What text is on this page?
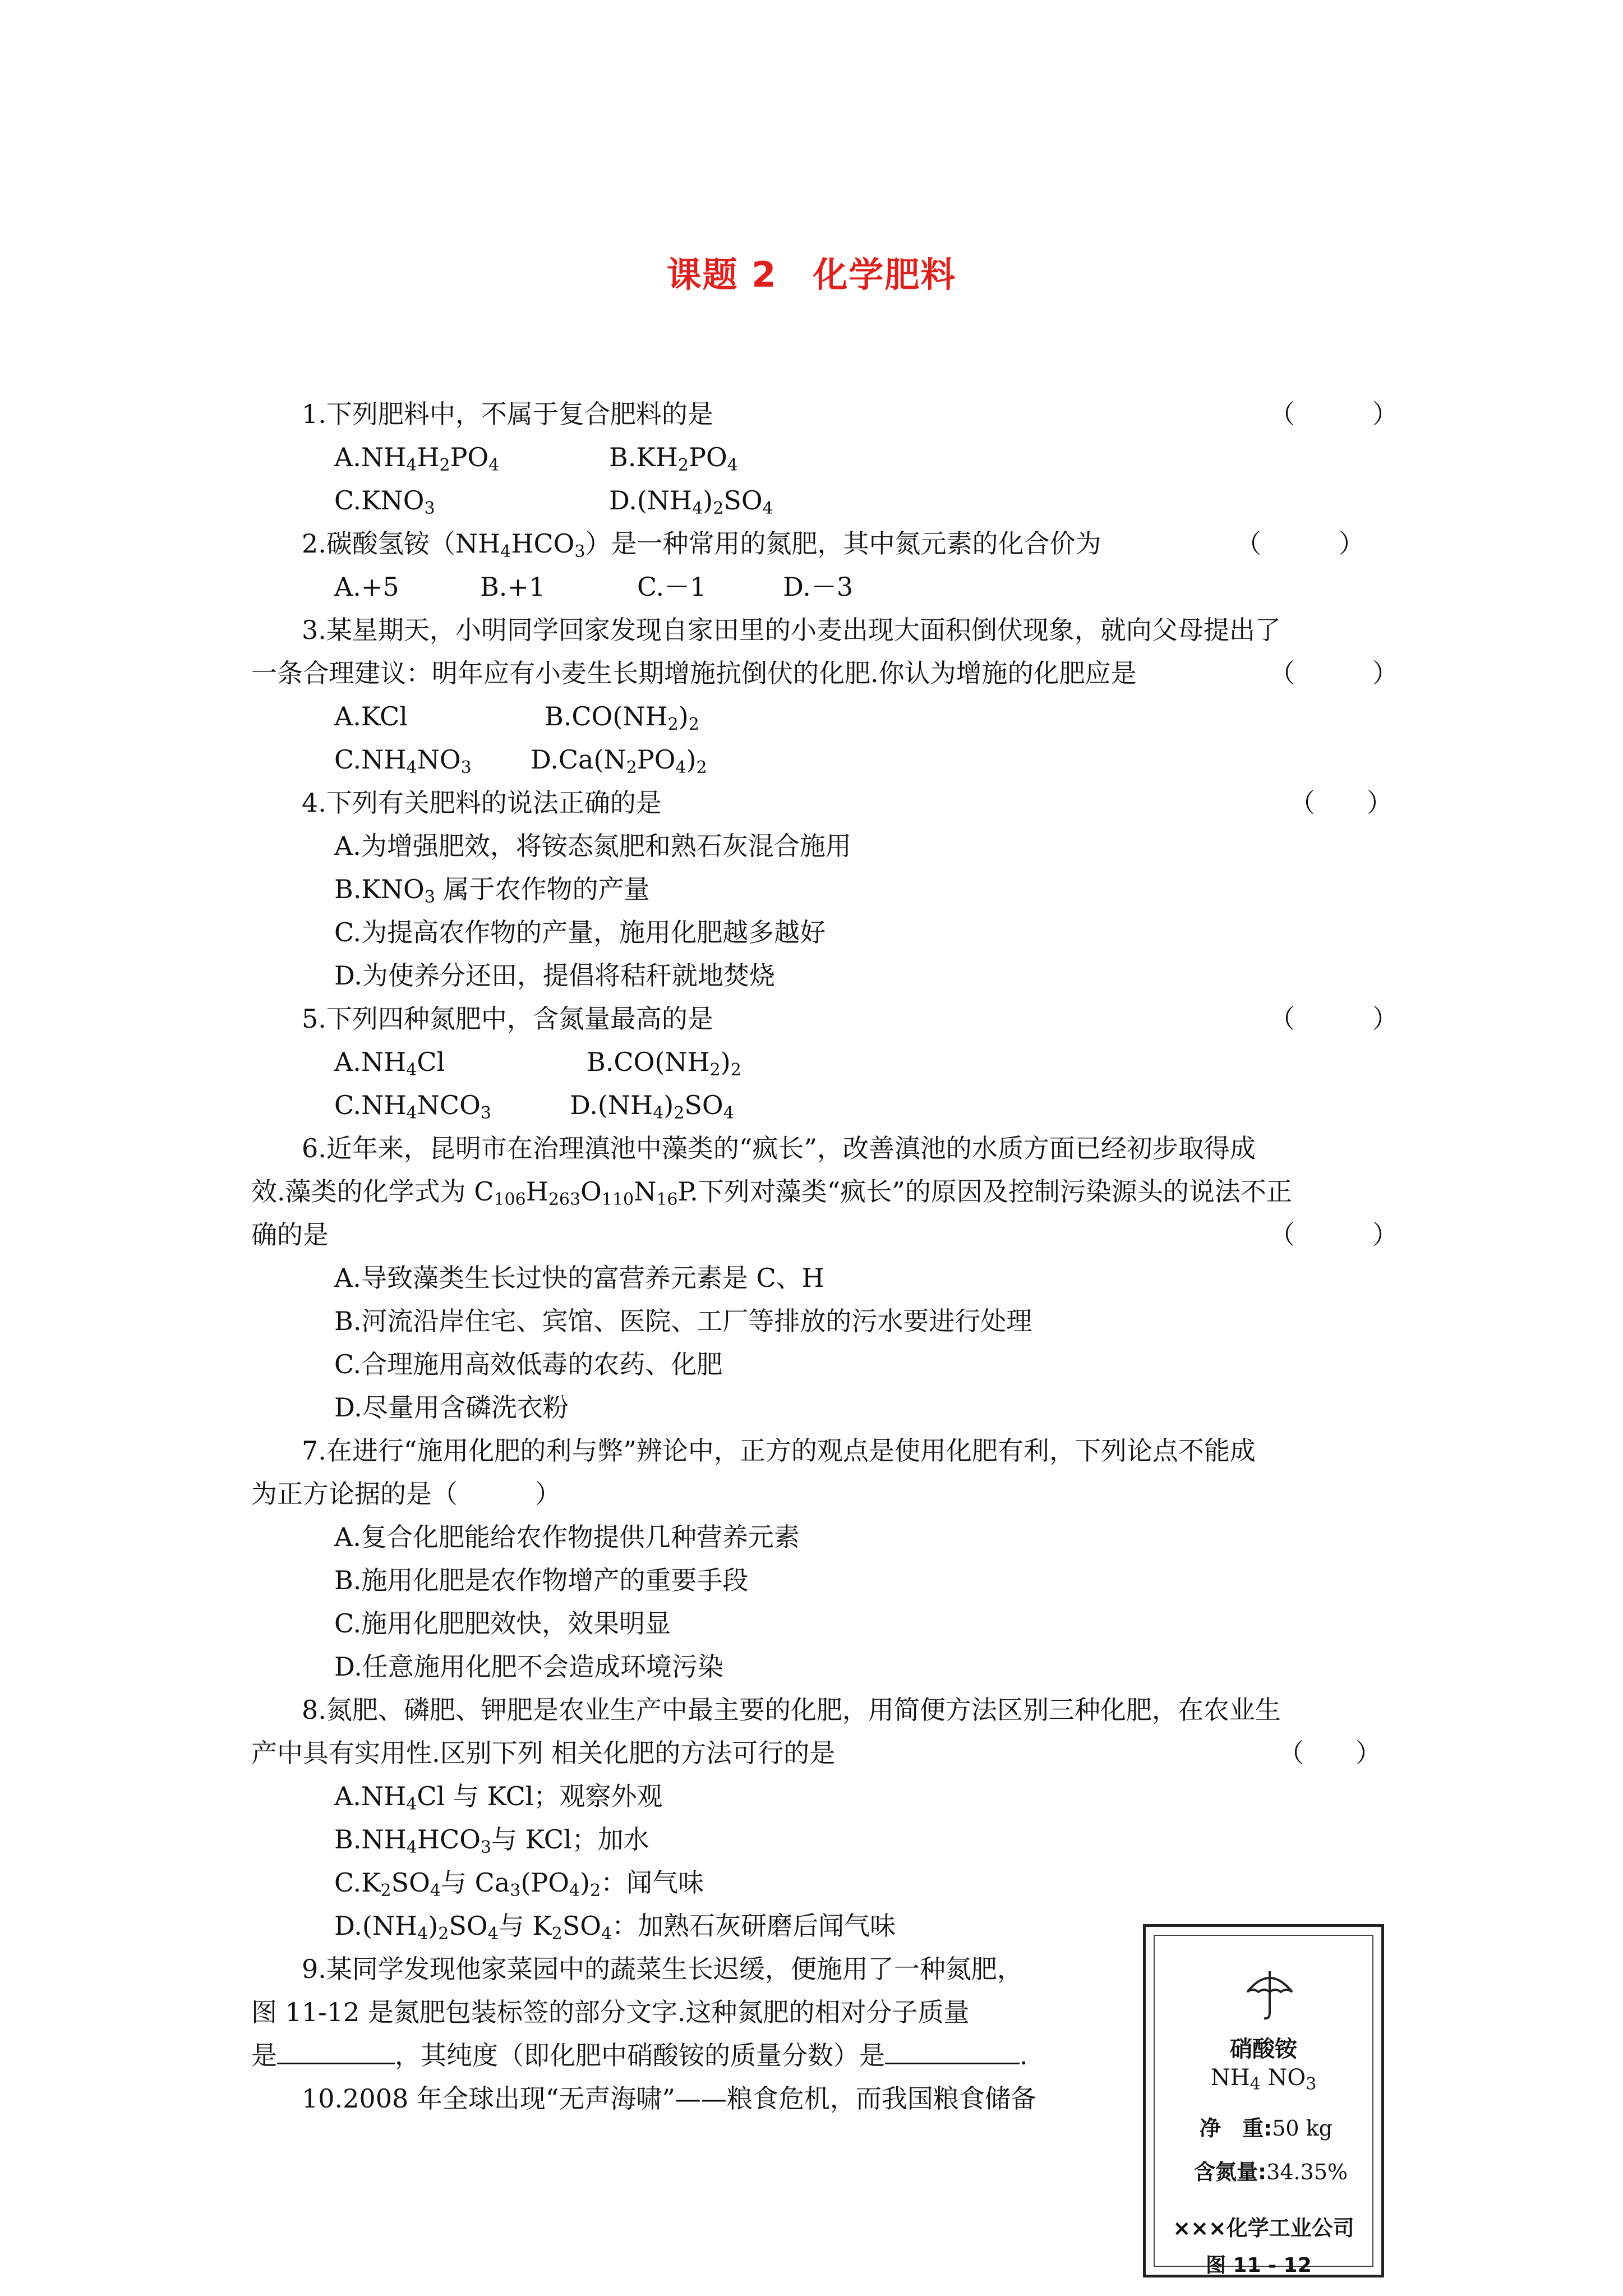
课题 2　化学肥料
1.下列肥料中，不属于复合肥料的是	（　　　）
$A.NH_4H_2PO_4$	$B.KH_2PO_4$
$C.KNO_3$	$D.(NH_4)_2SO_4$
2.碳酸氢铵$(NH_4HCO_3)$是一种常用的氮肥，其中氮元素的化合价为	（　　　）
A.+5	B.+1	C.－1	D.－3
3.某星期天，小明同学回家发现自家田里的小麦出现大面积倒伏现象，就向父母提出了
一条合理建议：明年应有小麦生长期增施抗倒伏的化肥.你认为增施的化肥应是	（　　　）
A.KCl	$B.CO(NH_2)_2$
$C.NH_4NO_3$ $D.Ca(N_2PO_4)_2$
4.下列有关肥料的说法正确的是	（　　）
A.为增强肥效，将铵态氮肥和熟石灰混合施用
$B.KNO_3$ 属于农作物的产量
C.为提高农作物的产量，施用化肥越多越好
D.为使养分还田，提倡将秸秆就地焚烧
5.下列四种氮肥中，含氮量最高的是	（　　　）
$A.NH_4Cl$	$B.CO(NH_2)_2$
$C.NH_4NCO_3$	$D.(NH_4)_2SO_4$
6.近年来，昆明市在治理滇池中藻类的“疯长”，改善滇池的水质方面已经初步取得成
效.藻类的化学式为 $C_{106}H_{263}O_{110}N_{16}P$.下列对藻类“疯长”的原因及控制污染源头的说法不正
确的是	（　　　）
A.导致藻类生长过快的富营养元素是 C、H
B.河流沿岸住宅、宾馆、医院、工厂等排放的污水要进行处理
C.合理施用高效低毒的农药、化肥
D.尽量用含磷洗衣粉
7.在进行“施用化肥的利与弊”辨论中，正方的观点是使用化肥有利，下列论点不能成
为正方论据的是（　　　）
A.复合化肥能给农作物提供几种营养元素
B.施用化肥是农作物增产的重要手段
C.施用化肥肥效快，效果明显
D.任意施用化肥不会造成环境污染
8.氮肥、磷肥、钾肥是农业生产中最主要的化肥，用简便方法区别三种化肥，在农业生
产中具有实用性.区别下列 相关化肥的方法可行的是	（　　）
$A.NH_4Cl$ 与 KCl；观察外观
$B.NH_4HCO_3$与 KCl；加水
$C.K_2SO_4$与 $Ca_3(PO_4)_2$：闻气味
$D.(NH_4)_2SO_4$与 $K_2SO_4$：加熟石灰研磨后闻气味
9.某同学发现他家菜园中的蔬菜生长迟缓，便施用了一种氮肥，
图 11-12 是氮肥包装标签的部分文字.这种氮肥的相对分子质量
是	，其纯度（即化肥中硝酸铵的质量分数）是	.
10.2008 年全球出现“无声海啸”——粮食危机，而我国粮食储备
硝酸铵
$NH_4$ $NO_3$
净　重:50 kg
含氮量:34.35%
×××化学工业公司
图 11 - 12
